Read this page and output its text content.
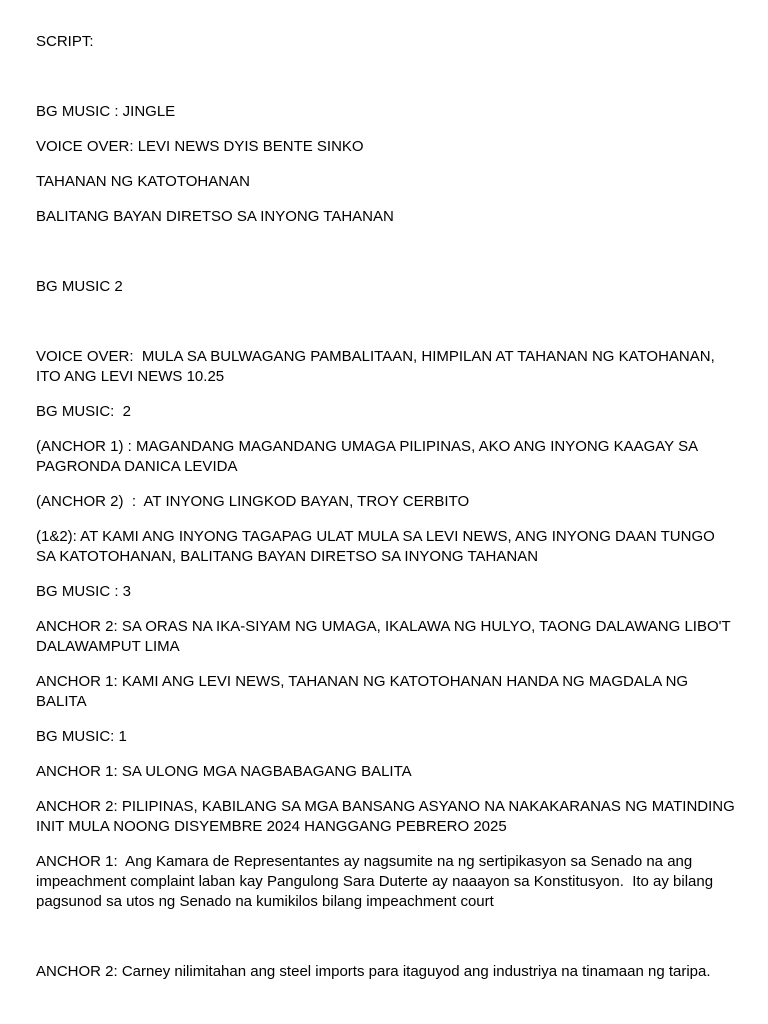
SCRIPT:

BG MUSIC : JINGLE

VOICE OVER: LEVI NEWS DYIS BENTE SINKO

TAHANAN NG KATOTOHANAN

BALITANG BAYAN DIRETSO SA INYONG TAHANAN

BG MUSIC 2

VOICE OVER:  MULA SA BULWAGANG PAMBALITAAN, HIMPILAN AT TAHANAN NG KATOHANAN, ITO ANG LEVI NEWS 10.25

BG MUSIC:  2

(ANCHOR 1) : MAGANDANG MAGANDANG UMAGA PILIPINAS, AKO ANG INYONG KAAGAY SA PAGRONDA DANICA LEVIDA

(ANCHOR 2)  :  AT INYONG LINGKOD BAYAN, TROY CERBITO

(1&2): AT KAMI ANG INYONG TAGAPAG ULAT MULA SA LEVI NEWS, ANG INYONG DAAN TUNGO SA KATOTOHANAN, BALITANG BAYAN DIRETSO SA INYONG TAHANAN

BG MUSIC : 3

ANCHOR 2: SA ORAS NA IKA-SIYAM NG UMAGA, IKALAWA NG HULYO, TAONG DALAWANG LIBO'T DALAWAMPUT LIMA

ANCHOR 1: KAMI ANG LEVI NEWS, TAHANAN NG KATOTOHANAN HANDA NG MAGDALA NG BALITA

BG MUSIC: 1

ANCHOR 1: SA ULONG MGA NAGBABAGANG BALITA

ANCHOR 2: PILIPINAS, KABILANG SA MGA BANSANG ASYANO NA NAKAKARANAS NG MATINDING INIT MULA NOONG DISYEMBRE 2024 HANGGANG PEBRERO 2025

ANCHOR 1:  Ang Kamara de Representantes ay nagsumite na ng sertipikasyon sa Senado na ang impeachment complaint laban kay Pangulong Sara Duterte ay naaayon sa Konstitusyon.  Ito ay bilang pagsunod sa utos ng Senado na kumikilos bilang impeachment court

ANCHOR 2: Carney nilimitahan ang steel imports para itaguyod ang industriya na tinamaan ng taripa.
